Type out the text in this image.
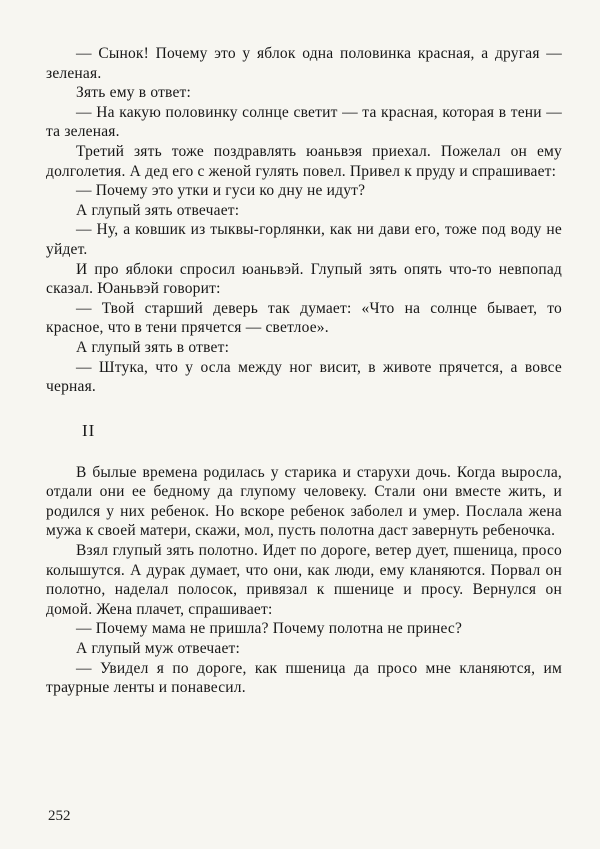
— Сынок! Почему это у яблок одна половинка красная, а другая — зеленая.

Зять ему в ответ:

— На какую половинку солнце светит — та красная, которая в тени — та зеленая.

Третий зять тоже поздравлять юаньвэя приехал. Пожелал он ему долголетия. А дед его с женой гулять повел. Привел к пруду и спрашивает:

— Почему это утки и гуси ко дну не идут?

А глупый зять отвечает:

— Ну, а ковшик из тыквы-горлянки, как ни дави его, тоже под воду не уйдет.

И про яблоки спросил юаньвэй. Глупый зять опять что-то невпопад сказал. Юаньвэй говорит:

— Твой старший деверь так думает: «Что на солнце бывает, то красное, что в тени прячется — светлое».

А глупый зять в ответ:

— Штука, что у осла между ног висит, в животе прячется, а вовсе черная.

II

В былые времена родилась у старика и старухи дочь. Когда выросла, отдали они ее бедному да глупому человеку. Стали они вместе жить, и родился у них ребенок. Но вскоре ребенок заболел и умер. Послала жена мужа к своей матери, скажи, мол, пусть полотна даст завернуть ребеночка.

Взял глупый зять полотно. Идет по дороге, ветер дует, пшеница, просо колышутся. А дурак думает, что они, как люди, ему кланяются. Порвал он полотно, наделал полосок, привязал к пшенице и просу. Вернулся он домой. Жена плачет, спрашивает:

— Почему мама не пришла? Почему полотна не принес?

А глупый муж отвечает:

— Увидел я по дороге, как пшеница да просо мне кланяются, им траурные ленты и понавесил.

252
